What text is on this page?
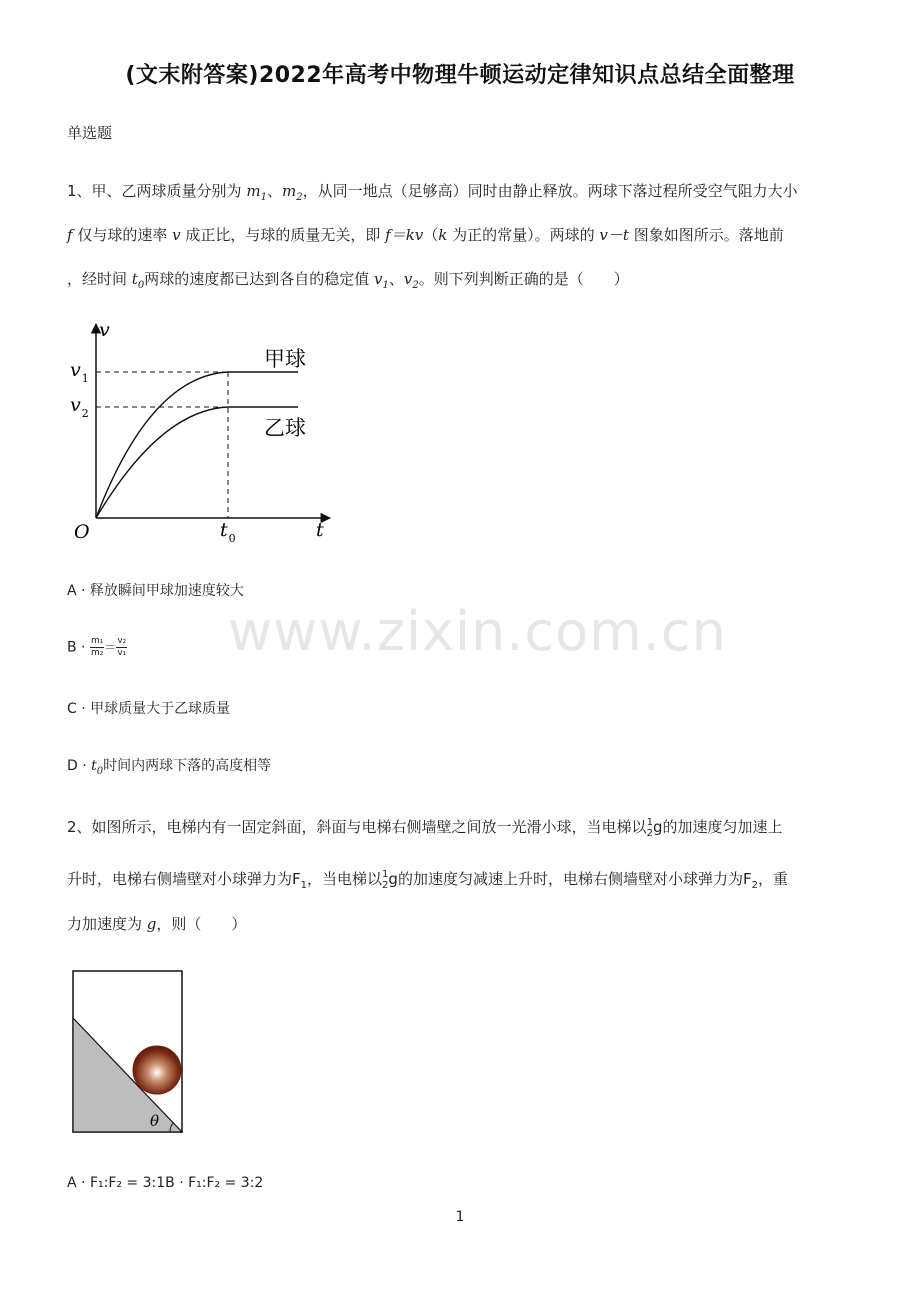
(文末附答案)2022年高考中物理牛顿运动定律知识点总结全面整理
单选题
1、甲、乙两球质量分别为 $m_1$、$m_2$，从同一地点（足够高）同时由静止释放。两球下落过程所受空气阻力大小
f 仅与球的速率 v 成正比，与球的质量无关，即 f＝kv（k 为正的常量）。两球的 v－t 图象如图所示。落地前
，经时间 $t_0$两球的速度都已达到各自的稳定值 $v_1$、$v_2$。则下列判断正确的是（　　）
v
t
O
$v_1$
$v_2$
$t_0$
甲球
乙球
A · 释放瞬间甲球加速度较大
$B \cdot \frac{\text{m₁}}{\text{m₂}} = \frac{\text{v₂}}{\text{v₁}}$
C · 甲球质量大于乙球质量
$D \cdot t_0$时间内两球下落的高度相等
2、如图所示，电梯内有一固定斜面，斜面与电梯右侧墙壁之间放一光滑小球，当电梯以 1
2 g的加速度匀加速上
升时，电梯右侧墙壁对小球弹力为$F_1$，当电梯以 1
2 g的加速度匀减速上升时，电梯右侧墙壁对小球弹力为$F_2$，重
力加速度为 g，则（　　）
θ
A · F₁:F₂ = 3:1B · F₁:F₂ = 3:2
www.zixin.com.cn
1
